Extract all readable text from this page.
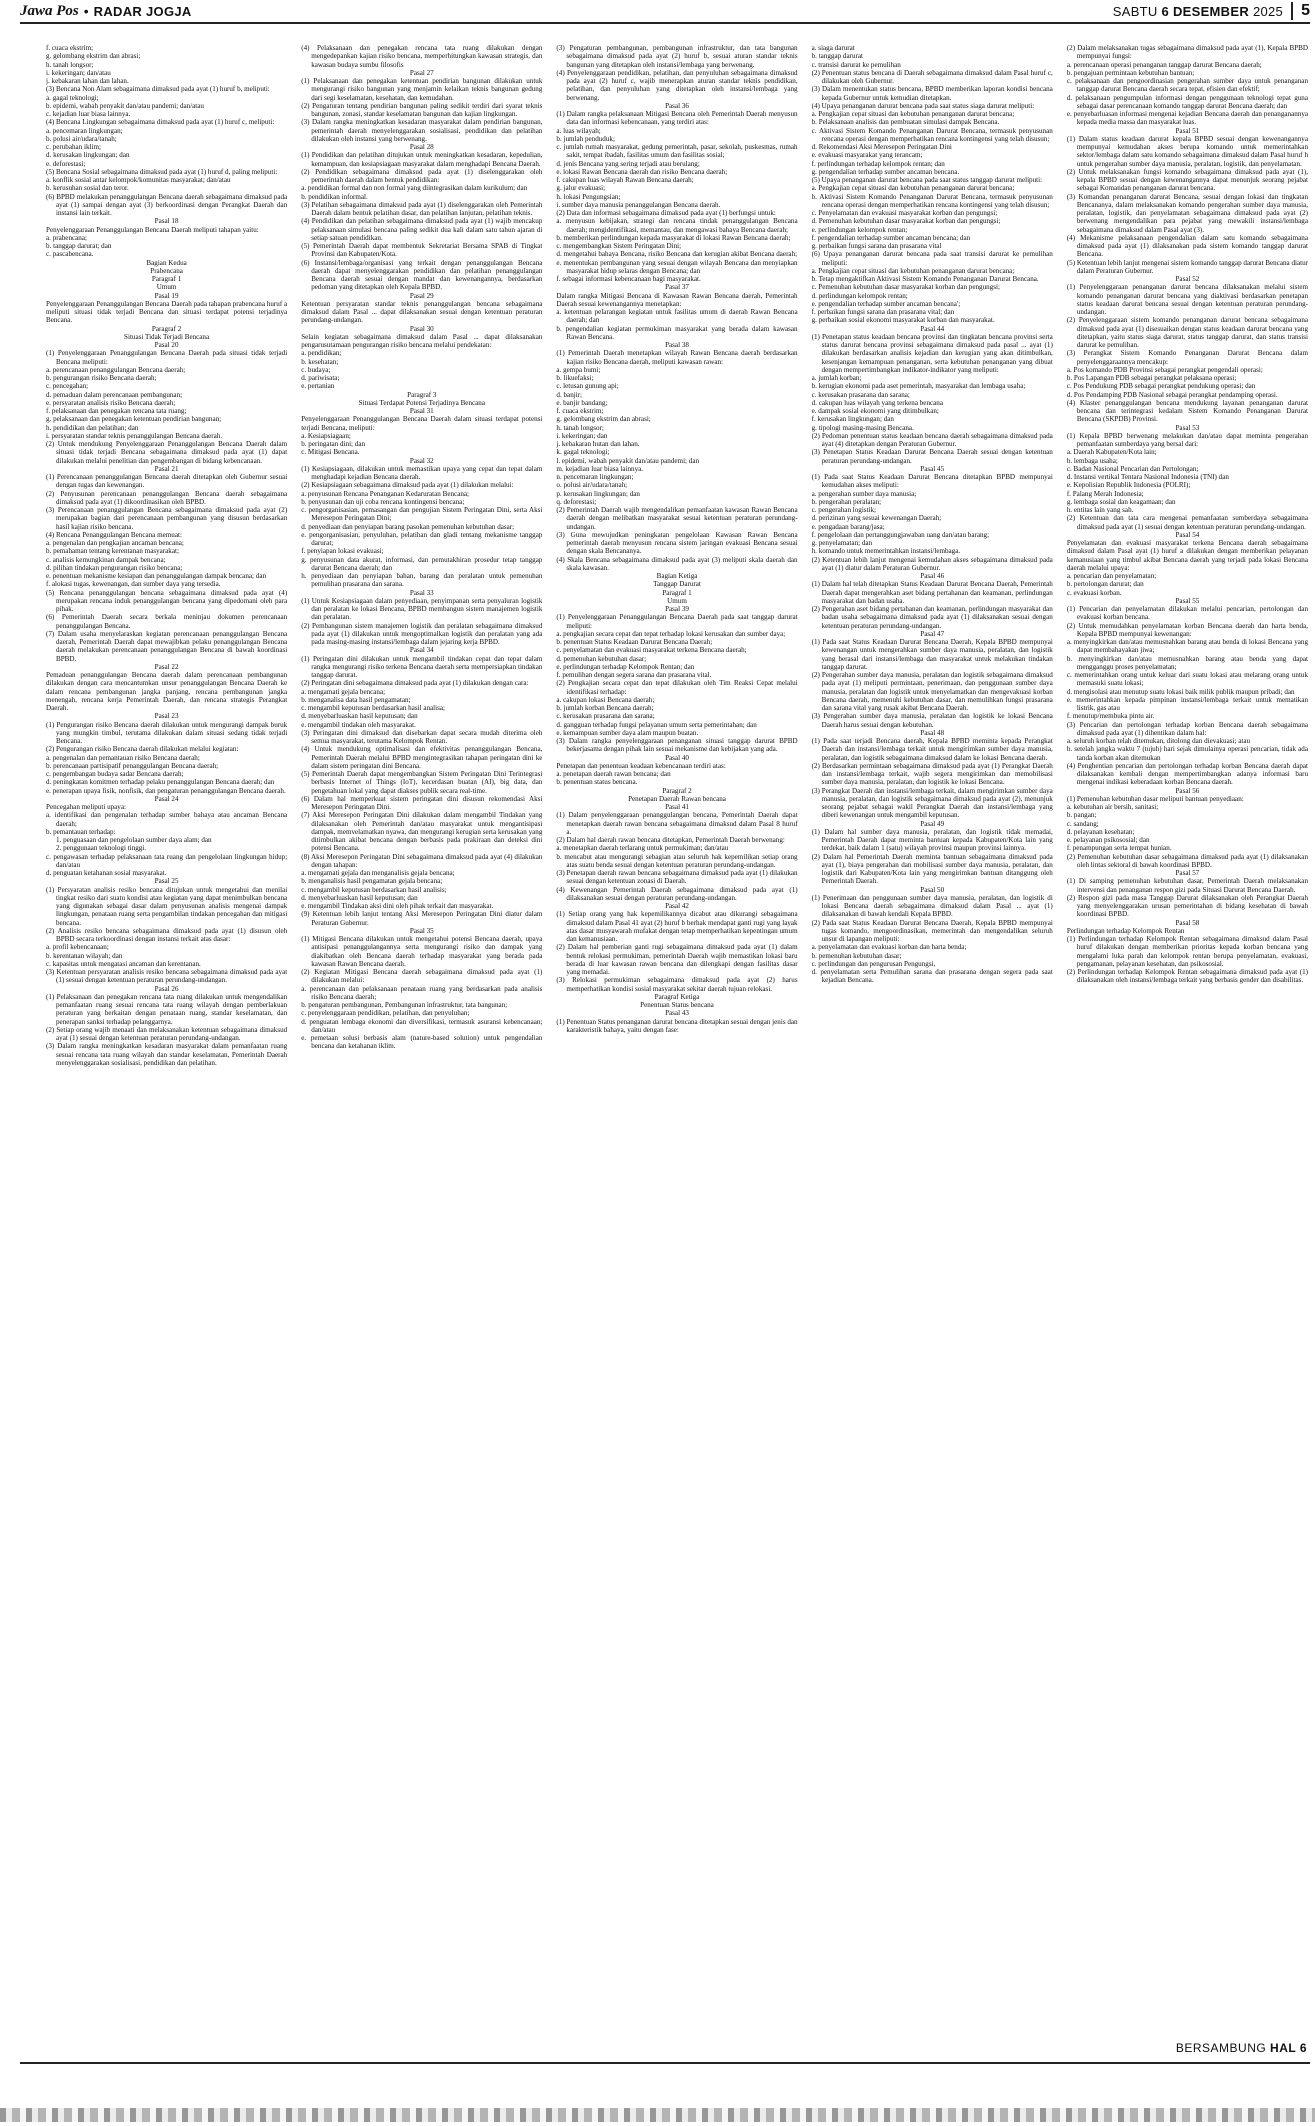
Jawa Pos • RADAR JOGJA	SABTU 6 DESEMBER 2025	5

f. cuaca ekstrim;

g. gelombang ekstrim dan abrasi;

h. tanah longsor;

i. kekeringan; dan/atau

j. kebakaran lahan dan lahan.

(3) Bencana Non Alam sebagaimana dimaksud pada ayat (1) huruf b, meliputi:

a. gagal teknologi;

b. epidemi, wabah penyakit dan/atau pandemi; dan/atau

c. kejadian luar biasa lainnya.

(4) Bencana Lingkungan sebagaimana dimaksud pada ayat (1) huruf c, meliputi:

a. pencemaran lingkungan;

b. polusi air/udara/tanah;

c. perubahan iklim;

d. kerusakan lingkungan; dan

e. deforestasi;

(5) Bencana Sosial sebagaimana dimaksud pada ayat (1) huruf d, paling meliputi:

a. konflik sosial antar kelompok/komunitas masyarakat; dan/atau

b. kerusuhan sosial dan teror.

(6) BPBD melakukan penanggulangan Bencana daerah sebagaimana dimaksud pada ayat (1) sampai dengan ayat (3) berkoordinasi dengan Perangkat Daerah dan instansi lain terkait.

Pasal 18

Penyelenggaraan Penanggulangan Bencana Daerah meliputi tahapan yaitu:

a. prabencana;

b. tanggap darurat; dan

c. pascabencana.

Bagian Kedua

Prabencana

Paragraf 1

Umum

Pasal 19

Penyelenggaraan Penanggulangan Bencana Daerah pada tahapan prabencana huruf a meliputi situasi tidak terjadi Bencana dan situasi terdapat potensi terjadinya Bencana.

Paragraf 2

Situasi Tidak Terjadi Bencana

Pasal 20

(1) Penyelenggaraan Penanggulangan Bencana Daerah pada situasi tidak terjadi Bencana meliputi:

a. perencanaan penanggulangan Bencana daerah;

b. pengurangan risiko Bencana daerah;

c. pencegahan;

d. pemaduan dalam perencanaan pembangunan;

e. persyaratan analisis risiko Bencana daerah;

f. pelaksanaan dan penegakan rencana tata ruang;

g. pelaksanaan dan penegakan ketentuan pendirian bangunan;

h. pendidikan dan pelatihan; dan

i. persyaratan standar teknis penanggulangan Bencana daerah.

(2) Untuk mendukung Penyelenggaraan Penanggulangan Bencana Daerah dalam situasi tidak terjadi Bencana sebagaimana dimaksud pada ayat (1) dapat dilakukan melalui penelitian dan pengembangan di bidang kebencanaan.

Pasal 21

(1) Perencanaan penanggulangan Bencana daerah ditetapkan oleh Gubernur sesuai dengan tugas dan kewenangan.

(2) Penyusunan perencanaan penanggulangan Bencana daerah sebagaimana dimaksud pada ayat (1) dikoordinasikan oleh BPBD.

(3) Perencanaan penanggulangan Bencana sebagaimana dimaksud pada ayat (2) merupakan bagian dari perencanaan pembangunan yang disusun berdasarkan hasil kajian risiko bencana.

(4) Rencana Penanggulangan Bencana memuat:

a. pengenalan dan pengkajian ancaman bencana;

b. pemahaman tentang kerentanan masyarakat;

c. analisis kemungkinan dampak bencana;

d. pilihan tindakan pengurangan risiko bencana;

e. penentuan mekanisme kesiapan dan penanggulangan dampak bencana; dan

f. alokasi tugas, kewenangan, dan sumber daya yang tersedia.

(5) Rencana penanggulangan bencana sebagaimana dimaksud pada ayat (4) merupakan rencana induk penanggulangan bencana yang dipedomani oleh para pihak.

(6) Pemerintah Daerah secara berkala meninjau dokumen perencanaan penanggulangan Bencana.

(7) Dalam usaha menyelaraskan kegiatan perencanaan penanggulangan Bencana daerah, Pemerintah Daerah dapat mewajibkan pelaku penanggulangan Bencana daerah melakukan perencanaan penanggulangan Bencana di bawah koordinasi BPBD.

Pasal 22

Pemaduan penanggulangan Bencana daerah dalam perencanaan pembangunan dilakukan dengan cara mencantumkan unsur penanggulangan Bencana Daerah ke dalam rencana pembangunan jangka panjang, rencana pembangunan jangka menengah, rencana kerja Pemerintah Daerah, dan rencana strategis Perangkat Daerah.

Pasal 23

(1) Pengurangan risiko Bencana daerah dilakukan untuk mengurangi dampak buruk yang mungkin timbul, terutama dilakukan dalam situasi sedang tidak terjadi Bencana.

(2) Pengurangan risiko Bencana daerah dilakukan melalui kegiatan:

a. pengenalan dan pemantauan risiko Bencana daerah;

b. perencanaan partisipatif penanggulangan Bencana daerah;

c. pengembangan budaya sadar Bencana daerah;

d. peningkatan komitmen terhadap pelaku penanggulangan Bencana daerah; dan

e. penerapan upaya fisik, nonfisik, dan pengaturan penanggulangan Bencana daerah.

Pasal 24

Pencegahan meliputi upaya:

a. identifikasi dan pengenalan terhadap sumber bahaya atau ancaman Bencana daerah;

b. pemantauan terhadap:

1. penguasaan dan pengelolaan sumber daya alam; dan

2. penggunaan teknologi tinggi.

c. pengawasan terhadap pelaksanaan tata ruang dan pengelolaan lingkungan hidup; dan/atau

d. penguatan ketahanan sosial masyarakat.

Pasal 25

(1) Persyaratan analisis resiko bencana ditujukan untuk mengetahui dan menilai tingkat resiko dari suatu kondisi atau kegiatan yang dapat menimbulkan bencana yang digunakan sebagai dasar dalam penyusunan analisis mengenai dampak lingkungan, penataan ruang serta pengambilan tindakan pencegahan dan mitigasi bencana.

(2) Analisis resiko bencana sebagaimana dimaksud pada ayat (1) disusun oleh BPBD secara terkoordinasi dengan instansi terkait atas dasar:

a. profil kebencanaan;

b. kerentanan wilayah; dan

c. kapasitas untuk mengatasi ancaman dan kerentanan.

(3) Ketentuan persyaratan analisis resiko bencana sebagaimana dimaksud pada ayat (1) sesuai dengan ketentuan peraturan perundang-undangan.

Pasal 26

(1) Pelaksanaan dan penegakan rencana tata ruang dilakukan untuk mengendalikan pemanfaatan ruang sesuai rencana tata ruang wilayah dengan pemberlakuan peraturan yang berkaitan dengan penataan ruang, standar keselamatan, dan penerapan sanksi terhadap pelanggarnya.

(2) Setiap orang wajib menaati dan melaksanakan ketentuan sebagaimana dimaksud ayat (1) sesuai dengan ketentuan peraturan perundang-undangan.

(3) Dalam rangka meningkatkan kesadaran masyarakat dalam pemanfaatan ruang sesuai rencana tata ruang wilayah dan standar keselamatan, Pemerintah Daerah menyelenggarakan sosialisasi, pendidikan dan pelatihan.

(4) Pelaksanaan dan penegakan rencana tata ruang dilakukan dengan mengedepankan kajian risiko bencana, memperhitungkan kawasan strategis, dan kawasan budaya sumbu filosofis

Pasal 27

(1) Pelaksanaan dan penegakan ketentuan pendirian bangunan dilakukan untuk mengurangi risiko bangunan yang menjamin kelaikan teknis bangunan gedung dari segi keselamatan, kesehatan, dan kemudahan.

(2) Pengaturan tentang pendirian bangunan paling sedikit terdiri dari syarat teknis bangunan, zonasi, standar keselamatan bangunan dan kajian lingkungan.

(3) Dalam rangka meningkatkan kesadaran masyarakat dalam pendirian bangunan, pemerintah daerah menyelenggarakan sosialisasi, pendidikan dan pelatihan dilakukan oleh instansi yang berwenang.

Pasal 28

(1) Pendidikan dan pelatihan ditujukan untuk meningkatkan kesadaran, kepedulian, kemampuan, dan kesiapsiagaan masyarakat dalam menghadapi Bencana Daerah.

(2) Pendidikan sebagaimana dimaksud pada ayat (1) diselenggarakan oleh pemerintah daerah dalam bentuk pendidikan:

a. pendidikan formal dan non formal yang diintegrasikan dalam kurikulum; dan

b. pendidikan informal.

(3) Pelatihan sebagaimana dimaksud pada ayat (1) diselenggarakan oleh Pemerintah Daerah dalam bentuk pelatihan dasar, dan pelatihan lanjutan, pelatihan teknis.

(4) Pendidikan dan pelatihan sebagaimana dimaksud pada ayat (1) wajib mencakup pelaksanaan simulasi bencana paling sedikit dua kali dalam satu tahun ajaran di setiap satuan pendidikan.

(5) Pemerintah Daerah dapat membentuk Sekretariat Bersama SPAB di Tingkat Provinsi dan Kabupaten/Kota.

(6) Instansi/lembaga/organisasi yang terkait dengan penanggulangan Bencana daerah dapat menyelenggarakan pendidikan dan pelatihan penanggulangan Bencana daerah sesuai dengan mandat dan kewenangannya, berdasarkan pedoman yang ditetapkan oleh Kepala BPBD.

Pasal 29

Ketentuan persyaratan standar teknis penanggulangan bencana sebagaimana dimaksud dalam Pasal ... dapat dilaksanakan sesuai dengan ketentuan peraturan perundang-undangan.

Pasal 30

Selain kegiatan sebagaimana dimaksud dalam Pasal ... dapat dilaksanakan pengarusutamaan pengurangan risiko bencana melalui pendekatan:

a. pendidikan;

b. kesehatan;

c. budaya;

d. pariwisata;

e. pertanian

Paragraf 3

Situasi Terdapat Potensi Terjadinya Bencana

Pasal 31

Penyelenggaraan Penanggulangan Bencana Daerah dalam situasi terdapat potensi terjadi Bencana, meliputi:

a. Kesiapsiagaan;

b. peringatan dini; dan

c. Mitigasi Bencana.

Pasal 32

(1) Kesiapsiagaan, dilakukan untuk memastikan upaya yang cepat dan tepat dalam menghadapi kejadian Bencana daerah.

(2) Kesiapsiagaan sebagaimana dimaksud pada ayat (1) dilakukan melalui:

a. penyusunan Rencana Penanganan Kedaruratan Bencana;

b. penyusunan dan uji coba rencana kontingensi bencana;

c. pengorganisasian, pemasangan dan pengujian Sistem Peringatan Dini, serta Aksi Meresepon Peringatan Dini;

d. penyediaan dan penyiapan barang pasokan pemenuhan kebutuhan dasar;

e. pengorganisasian, penyuluhan, pelatihan dan gladi tentang mekanisme tanggap darurat;

f. penyiapan lokasi evakuasi;

g. penyusunan data akurat, informasi, dan pemutakhiran prosedur tetap tanggap darurat Bencana daerah; dan

h. penyediaan dan penyiapan bahan, barang dan peralatan untuk pemenuhan pemulihan prasarana dan sarana.

Pasal 33

(1) Untuk Kesiapsiagaan dalam penyediaan, penyimpanan serta penyaluran logistik dan peralatan ke lokasi Bencana, BPBD membangun sistem manajemen logistik dan peralatan.

(2) Pembangunan sistem manajemen logistik dan peralatan sebagaimana dimaksud pada ayat (1) dilakukan untuk mengoptimalkan logistik dan peralatan yang ada pada masing-masing instansi/lembaga dalam jejaring kerja BPBD.

Pasal 34

(1) Peringatan dini dilakukan untuk mengambil tindakan cepat dan tepat dalam rangka mengurangi risiko terkena Bencana daerah serta mempersiapkan tindakan tanggap darurat.

(2) Peringatan dini sebagaimana dimaksud pada ayat (1) dilakukan dengan cara:

a. mengamati gejala bencana;

b. menganalisa data hasil pengamatan;

c. mengambil keputusan berdasarkan hasil analisa;

d. menyebarluaskan hasil keputusan; dan

e. mengambil tindakan oleh masyarakat.

(3) Peringatan dini dimaksud dan disebarkan dapat secara mudah diterima oleh semua masyarakat, terutama Kelompok Rentan.

(4) Untuk mendukung optimalisasi dan efektivitas penanggulangan Bencana, Pemerintah Daerah melalui BPBD mengintegrasikan tahapan peringatan dini ke dalam sistem peringatan dini Bencana.

(5) Pemerintah Daerah dapat mengembangkan Sistem Peringatan Dini Terintegrasi berbasis Internet of Things (IoT), kecerdasan buatan (AI), big data, dan pengetahuan lokal yang dapat diakses publik secara real-time.

(6) Dalam hal memperkuat sistem peringatan dini disusun rekomendasi Aksi Meresepon Peringatan Dini.

(7) Aksi Meresepon Peringatan Dini dilakukan dalam mengambil Tindakan yang dilaksanakan oleh Pemerintah dan/atau masyarakat untuk mengantisipasi dampak, memvelamatkan nyawa, dan mengurangi kerugian serta kerusakan yang ditimbulkan akibat bencana dengan berbasis pada prakiraan dan deteksi dini potensi Bencana.

(8) Aksi Meresepon Peringatan Dini sebagaimana dimaksud pada ayat (4) dilakukan dengan tahapan:

a. mengamati gejala dan menganalisis gejala bencana;

b. menganalisis hasil pengamatan gejala bencana;

c. mengambil keputusan berdasarkan hasil analisis;

d. menyebarluaskan hasil keputusan; dan

e. mengambil Tindakan aksi dini oleh pihak terkait dan masyarakat.

(9) Ketentuan lebih lanjut tentang Aksi Meresepon Peringatan Dini diatur dalam Peraturan Gubernur.

Pasal 35

(1) Mitigasi Bencana dilakukan untuk mengetahui potensi Bencana daerah, upaya antisipasi penanggulangannya serta mengurangi risiko dan dampak yang diakibatkan oleh Bencana daerah terhadap masyarakat yang berada pada kawasan Rawan Bencana daerah.

(2) Kegiatan Mitigasi Bencana daerah sebagaimana dimaksud pada ayat (1) dilakukan melalui:

a. perencanaan dan pelaksanaan penataan ruang yang berdasarkan pada analisis risiko Bencana daerah;

b. pengaturan pembangunan, Pembangunan infrastruktur, tata bangunan;

c. penyelenggaraan pendidikan, pelatihan, dan penyuluhan;

d. penguatan lembaga ekonomi dan diversifikasi, termasuk asuransi kebencanaan; dan/atau

e. pemetaan solusi berbasis alam (nature-based solution) untuk pengendalian bencana dan ketahanan iklim.

(3) Pengaturan pembangunan, pembangunan infrastruktur, dan tata bangunan sebagaimana dimaksud pada ayat (2) huruf b, sesuai aturan standar teknis bangunan yang ditetapkan oleh instansi/lembaga yang berwenang.

(4) Penyelenggaraan pendidikan, pelatihan, dan penyuluhan sebagaimana dimaksud pada ayat (2) huruf c, wajib menerapkan aturan standar teknis pendidikan, pelatihan, dan penyuluhan yang ditetapkan oleh instansi/lembaga yang berwenang.

Pasal 36

(1) Dalam rangka pelaksanaan Mitigasi Bencana oleh Pemerintah Daerah menyusun data dan informasi kebencanaan, yang terdiri atas:

a. luas wilayah;

b. jumlah penduduk;

c. jumlah rumah masyarakat, gedung pemerintah, pasar, sekolah, puskesmas, rumah sakit, tempat ibadah, fasilitas umum dan fasilitas sosial;

d. jenis Bencana yang sering terjadi atau berulang;

e. lokasi Rawan Bencana daerah dan risiko Bencana daerah;

f. cakupan luas wilayah Rawan Bencana daerah;

g. jalur evakuasi;

h. lokasi Pengungsian;

i. sumber daya manusia penanggulangan Bencana daerah.

(2) Data dan informasi sebagaimana dimaksud pada ayat (1) berfungsi untuk:

a. menyusun kebijakan, strategi dan rencana tindak penanggulangan Bencana daerah; mengidentifikasi, memantau, dan mengawasi bahaya Bencana daerah;

b. memberikan perlindungan kepada masyarakat di lokasi Rawan Bencana daerah;

c. mengembangkan Sistem Peringatan Dini;

d. mengetahui bahaya Bencana, risiko Bencana dan kerugian akibat Bencana daerah;

e. menentukan pembangunan yang sesuai dengan wilayah Bencana dan menyiapkan masyarakat hidup selaras dengan Bencana; dan

f. sebagai informasi kebencanaan bagi masyarakat.

Pasal 37

Dalam rangka Mitigasi Bencana di Kawasan Rawan Bencana daerah, Pemerintah Daerah sesuai kewenangannya menetapkan:

a. ketentuan pelarangan kegiatan untuk fasilitas umum di daerah Rawan Bencana daerah; dan

b. pengendalian kegiatan permukiman masyarakat yang berada dalam kawasan Rawan Bencana.

Pasal 38

(1) Pemerintah Daerah menetapkan wilayah Rawan Bencana daerah berdasarkan kajian risiko Bencana daerah, meliputi kawasan rawan:

a. gempa bumi;

b. likuefaksi;

c. letusan gunung api;

d. banjir;

e. banjir bandang;

f. cuaca ekstrim;

g. gelombang ekstrim dan abrasi;

h. tanah longsor;

i. kekeringan; dan

j. kebakaran hutan dan lahan.

k. gagal teknologi;

l. epidemi, wabah penyakit dan/atau pandemi; dan

m. kejadian luar biasa lainnya.

n. pencemaran lingkungan;

o. polusi air/udara/tanah;

p. kerusakan lingkungan; dan

q. deforestasi;

(2) Pemerintah Daerah wajib mengendalikan pemanfaatan kawasan Rawan Bencana daerah dengan melibatkan masyarakat sesuai ketentuan peraturan perundang-undangan.

(3) Guna mewujudkan peningkatan pengelolaan Kawasan Rawan Bencana pemerintah daerah menyusun rencana sistem jaringan evakuasi Bencana sesuai dengan skala Bencananya.

(4) Skala Bencana sebagaimana dimaksud pada ayat (3) meliputi skala daerah dan skala kawasan.

Bagian Ketiga

Tanggap Darurat

Paragraf 1

Umum

Pasal 39

(1) Penyelenggaraan Penanggulangan Bencana Daerah pada saat tanggap darurat meliputi:

a. pengkajian secara cepat dan tepat terhadap lokasi kerusakan dan sumber daya;

b. penentuan Status Keadaan Darurat Bencana Daerah;

c. penyelamatan dan evakuasi masyarakat terkena Bencana daerah;

d. pemenuhan kebutuhan dasar;

e. perlindungan terhadap Kelompok Rentan; dan

f. pemulihan dengan segera sarana dan prasarana vital.

(2) Pengkajian secara cepat dan tepat dilakukan oleh Tim Reaksi Cepat melalui identifikasi terhadap:

a. cakupan lokasi Bencana daerah;

b. jumlah korban Bencana daerah;

c. kerusakan prasarana dan sarana;

d. gangguan terhadap fungsi pelayanan umum serta pemerintahan; dan

e. kemampuan sumber daya alam maupun buatan.

(3) Dalam rangka penyelenggaraan penanganan situasi tanggap darurat BPBD bekerjasama dengan pihak lain sesuai mekanisme dan kebijakan yang ada.

Pasal 40

Penetapan dan penentuan keadaan kebencanaan terdiri atas:

a. penetapan daerah rawan bencana; dan

b. penentuan status bencana.

Paragraf 2

Penetapan Daerah Rawan bencana

Pasal 41

(1) Dalam penyelenggaraan penanggulangan bencana, Pemerintah Daerah dapat menetapkan daerah rawan bencana sebagaimana dimaksud dalam Pasal 8 huruf a.

(2) Dalam hal daerah rawan bencana ditetapkan, Pemerintah Daerah berwenang:

a. menetapkan daerah terlarang untuk permukiman; dan/atau

b. mencabut atau mengurangi sebagian atau seluruh hak kepemilikan setiap orang atas suatu benda sesuai dengan ketentuan peraturan perundang-undangan.

(3) Penetapan daerah rawan bencana sebagaimana dimaksud pada ayat (1) dilakukan sesuai dengan ketentuan zonasi di Daerah.

(4) Kewenangan Pemerintah Daerah sebagaimana dimaksud pada ayat (1) dilaksanakan sesuai dengan peraturan perundang-undangan.

Pasal 42

(1) Setiap orang yang hak kepemilikannya dicabut atau dikurangi sebagaimana dimaksud dalam Pasal 41 ayat (2) huruf b berhak mendapat ganti rugi yang layak atas dasar musyawarah mufakat dengan tetap memperhatikan kepentingan umum dan kemanusiaan.

(2) Dalam hal pemberian ganti rugi sebagaimana dimaksud pada ayat (1) dalam bentuk relokasi permukiman, pemerintah Daerah wajib memastikan lokasi baru berada di luar kawasan rawan bencana dan dilengkapi dengan fasilitas dasar yang memadai.

(3) Relokasi permukiman sebagaimana dimaksud pada ayat (2) harus memperhatikan kondisi sosial masyarakat sekitar daerah tujuan relokasi.

Paragraf Ketiga

Penentuan Status bencana

Pasal 43

(1) Penentuan Status penanganan darurat bencana ditetapkan sesuai dengan jenis dan karakteristik bahaya, yaitu dengan fase:

a. siaga darurat

b. tanggap darurat

c. transisi darurat ke pemulihan

(2) Penentuan status bencana di Daerah sebagaimana dimaksud dalam Pasal huruf c, dilakukan oleh Gubernur.

(3) Dalam menentukan status bencana, BPBD memberikan laporan kondisi bencana kepada Gubernur untuk kemudian ditetapkan.

(4) Upaya penanganan darurat bencana pada saat status siaga darurat meliputi:

a. Pengkajian cepat situasi dan kebutuhan penanganan darurat bencana;

b. Pelaksanaan analisis dan pembuatan simulasi dampak Bencana.

c. Aktivasi Sistem Komando Penanganan Darurat Bencana, termasuk penyusunan rencana operasi dengan memperhatikan rencana kontingensi yang telah disusun;

d. Rekomendasi Aksi Meresepon Peringatan Dini

e. evakuasi masyarakat yang terancam;

f. perlindungan terhadap kelompok rentan; dan

g. pengendalian terhadap sumber ancaman bencana.

(5) Upaya penanganan darurat bencana pada saat status tanggap darurat meliputi:

a. Pengkajian cepat situasi dan kebutuhan penanganan darurat bencana;

b. Aktivasi Sistem Komando Penanganan Darurat Bencana, termasuk penyusunan rencana operasi dengan memperhatikan rencana kontingensi yang telah disusun;

c. Penyelamatan dan evakuasi masyarakat korban dan pengungsi;

d. Pemenuhan kebutuhan dasar masyarakat korban dan pengungsi;

e. perlindungan kelompok rentan;

f. pengendalian terhadap sumber ancaman bencana; dan

g. perbaikan fungsi sarana dan prasarana vital

(6) Upaya penanganan darurat bencana pada saat transisi darurat ke pemulihan meliputi:

a. Pengkajian cepat situasi dan kebutuhan penanganan darurat bencana;

b. Tetap mengaktifkan Aktivasi Sistem Komando Penanganan Darurat Bencana.

c. Pemenuhan kebutuhan dasar masyarakat korban dan pengungsi;

d. perlindungan kelompok rentan;

e. pengendalian terhadap sumber ancaman bencana';

f. perbaikan fungsi sarana dan prasarana vital; dan

g. perbaikan sosial ekonomi masyarakat korban dan masyarakat.

Pasal 44

(1) Penetapan status keadaan bencana provinsi dan tingkatan bencana provinsi serta status darurat bencana provinsi sebagaimana dimaksud pada pasal ... ayat (1) dilakukan berdasarkan analisis kejadian dan kerugian yang akan ditimbulkan, kesenjangan kemampuan penanganan, serta kebutuhan penanganan yang dibuat dengan mempertimbangkan indikator-indikator yang meliputi:

a. jumlah korban;

b. kerugian ekonomi pada aset pemerintah, masyarakat dan lembaga usaha;

c. kerusakan prasarana dan sarana;

d. cakupan luas wilayah yang terkena bencana

e. dampak sosial ekonomi yang ditimbulkan;

f. kerusakan lingkungan; dan

g. tipologi masing-masing Bencana.

(2) Pedoman penentuan status keadaan bencana daerah sebagaimana dimaksud pada ayat (4) ditetapkan dengan Peraturan Gubernur.

(3) Penetapan Status Keadaan Darurat Bencana Daerah sesuai dengan ketentuan peraturan perundang-undangan.

Pasal 45

(1) Pada saat Status Keadaan Darurat Bencana ditetapkan BPBD mempunyai kemudahan akses meliputi:

a. pengerahan sumber daya manusia;

b. pengerahan peralatan;

c. pengerahan logistik;

d. perizinan yang sesuai kewenangan Daerah;

e. pengadaan barang/jasa;

f. pengelolaan dan pertanggungjawaban uang dan/atau barang;

g. penyelamatan; dan

h. komando untuk memerintahkan instansi/lembaga.

(2) Ketentuan lebih lanjut mengenai kemudahan akses sebagaimana dimaksud pada ayat (1) diatur dalam Peraturan Gubernur.

Pasal 46

(1) Dalam hal telah ditetapkan Status Keadaan Darurat Bencana Daerah, Pemerintah Daerah dapat mengerahkan aset bidang pertahanan dan keamanan, perlindungan masyarakat dan badan usaha.

(2) Pengerahan aset bidang pertahanan dan keamanan, perlindungan masyarakat dan badan usaha sebagaimana dimaksud pada ayat (1) dilaksanakan sesuai dengan ketentuan peraturan perundang-undangan.

Pasal 47

(1) Pada saat Status Keadaan Darurat Bencana Daerah, Kepala BPBD mempunyai kewenangan untuk mengerahkan sumber daya manusia, peralatan, dan logistik yang berasal dari instansi/lembaga dan masyarakat untuk melakukan tindakan tanggap darurat.

(2) Pengerahan sumber daya manusia, peralatan dan logistik sebagaimana dimaksud pada ayat (1) meliputi permintaan, penerimaan, dan penggunaan sumber daya manusia, peralatan dan logistik untuk menyelamatkan dan mengevakuasi korban Bencana daerah, memenuhi kebutuhan dasar, dan memulihkan fungsi prasarana dan sarana vital yang rusak akibat Bencana Daerah.

(3) Pengerahan sumber daya manusia, peralatan dan logistik ke lokasi Bencana Daerah harus sesuai dengan kebutuhan.

Pasal 48

(1) Pada saat terjadi Bencana daerah, Kepala BPBD meminta kepada Perangkat Daerah dan instansi/lembaga terkait untuk mengirimkan sumber daya manusia, peralatan, dan logistik sebagaimana dimaksud dalam ke lokasi Bencana daerah.

(2) Berdasarkan permintaan sebagaimana dimaksud pada ayat (1) Perangkat Daerah dan instansi/lembaga terkait, wajib segera mengirimkan dan memobilisasi sumber daya manusia, peralatan, dan logistik ke lokasi Bencana.

(3) Perangkat Daerah dan instansi/lembaga terkait, dalam mengirimkan sumber daya manusia, peralatan, dan logistik sebagaimana dimaksud pada ayat (2), menunjuk seorang pejabat sebagai wakil Perangkat Daerah dan instansi/lembaga yang diberi kewenangan untuk mengambil keputusan.

Pasal 49

(1) Dalam hal sumber daya manusia, peralatan, dan logistik tidak memadai, Pemerintah Daerah dapat meminta bantuan kepada Kabupaten/Kota lain yang terdekat, baik dalam 1 (satu) wilayah provinsi maupun provinsi lainnya.

(2) Dalam hal Pemerintah Daerah meminta bantuan sebagaimana dimaksud pada ayat (1), biaya pengerahan dan mobilisasi sumber daya manusia, peralatan, dan logistik dari Kabupaten/Kota lain yang mengirimkan bantuan ditanggung oleh Pemerintah Daerah.

Pasal 50

(1) Penerimaan dan penggunaan sumber daya manusia, peralatan, dan logistik di lokasi Bencana daerah sebagaimana dimaksud dalam Pasal ... ayat (1) dilaksanakan di bawah kendali Kepala BPBD.

(2) Pada saat Status Keadaan Darurat Bencana Daerah, Kepala BPBD mempunyai tugas komando, mengoordinasikan, memerintah dan mengendalikan seluruh unsur di lapangan meliputi:

a. penyelamatan dan evakuasi korban dan harta benda;

b. pemenuhan kebutuhan dasar;

c. perlindungan dan pengurusan Pengungsi,

d. penyelamatan serta Pemulihan sarana dan prasarana dengan segera pada saat kejadian Bencana.

(2) Dalam melaksanakan tugas sebagaimana dimaksud pada ayat (1), Kepala BPBD mempunyai fungsi:

a. perencanaan operasi penanganan tanggap darurat Bencana daerah;

b. pengajuan permintaan kebutuhan bantuan;

c. pelaksanaan dan pengoordinasian pengerahan sumber daya untuk penanganan tanggap darurat Bencana daerah secara tepat, efisien dan efektif;

d. pelaksanaan pengumpulan informasi dengan penggunaan teknologi tepat guna sebagai dasar perencanaan komando tanggap darurat Bencana daerah; dan

e. penyebarluasan informasi mengenai kejadian Bencana daerah dan penanganannya kepada media massa dan masyarakat luas.

Pasal 51

(1) Dalam status keadaan darurat kepala BPBD sesuai dengan kewenangannya mempunyai kemudahan akses berupa komando untuk memerintahkan sektor/lembaga dalam satu komando sebagaimana dimaksud dalam Pasal huruf h untuk pengerahan sumber daya manusia, peralatan, logistik, dan penyelamatan.

(2) Untuk melaksanakan fungsi komando sebagaimana dimaksud pada ayat (1), kepala BPBD sesuai dengan kewenangannya dapat menunjuk seorang pejabat sebagai Komandan penanganan darurat bencana.

(3) Komandan penanganan darurat Bencana, sesuai dengan lokasi dan tingkatan Bencananya, dalam melaksanakan komando pengerahan sumber daya manusia, peralatan, logistik, dan penyelamatan sebagaimana dimaksud pada ayat (2) berwenang mengendalikan para pejabat yang mewakili instansi/lembaga sebagaimana dimaksud dalam Pasal ayat (3).

(4) Mekanisme pelaksanaan pengendalian dalam satu komando sebagaimana dimaksud pada ayat (1) dilaksanakan pada sistem komando tanggap darurat Bencana.

(5) Ketentuan lebih lanjut mengenai sistem komando tanggap darurat Bencana diatur dalam Peraturan Gubernur.

Pasal 52

(1) Penyelenggaraan penanganan darurat bencana dilaksanakan melalui sistem komando penanganan darurat bencana yang diaktivasi berdasarkan penetapan status keadaan darurat bencana sesuai dengan ketentuan peraturan perundang-undangan.

(2) Penyelenggaraan sistem komando penanganan darurat bencana sebagaimana dimaksud pada ayat (1) disesuaikan dengan status keadaan darurat bencana yang ditetapkan, yaitu status siaga darurat, status tanggap darurat, dan status transisi darurat ke pemulihan.

(3) Perangkat Sistem Komando Penanganan Darurat Bencana dalam penyelenggaraannya mencakup:

a. Pos komando PDB Provinsi sebagai perangkat pengendali operasi;

b. Pos Lapangan PDB sebagai perangkat pelaksana operasi;

c. Pos Pendukung PDB sebagai perangkat pendukung operasi; dan

d. Pos Pendamping PDB Nasional sebagai perangkat pendamping operasi.

(4) Klaster penanggulangan bencana mendukung layanan penanganan darurat bencana dan terintegrasi kedalam Sistem Komando Penanganan Darurat Bencana (SKPDB) Provinsi.

Pasal 53

(1) Kepala BPBD berwenang melakukan dan/atau dapat meminta pengerahan pemanfaatan sumberdaya yang bersal dari:

a. Daerah Kabupaten/Kota lain;

b. lembaga usaha;

c. Badan Nasional Pencarian dan Pertolongan;

d. Instansi vertikal Tentara Nasional Indonesia (TNI) dan

e. Kepolisian Republik Indonesia (POLRI);

f. Palang Merah Indonesia;

g. lembaga sosial dan keagamaan; dan

h. entitas lain yang sah.

(2) Ketentuan dan tata cara mengenai pemanfaatan sumberdaya sebagaimana dimaksud pada ayat (1) sesuai dengan ketentuan peraturan perundang-undangan.

Pasal 54

Penyelamatan dan evakuasi masyarakat terkena Bencana daerah sebagaimana dimaksud dalam Pasal ayat (1) huruf a dilakukan dengan memberikan pelayanan kemanusiaan yang timbul akibat Bencana daerah yang terjadi pada lokasi Bencana daerah melalui upaya:

a. pencarian dan penyelamatan;

b. pertolongan darurat; dan

c. evakuasi korban.

Pasal 55

(1) Pencarian dan penyelamatan dilakukan melalui pencarian, pertolongan dan evakuasi korban bencana.

(2) Untuk memudahkan penyelamatan korban Bencana daerah dan harta benda, Kepala BPBD mempunyai kewenangan:

a. menyingkirkan dan/atau memusnahkan barang atau benda di lokasi Bencana yang dapat membahayakan jiwa;

b. menyingkirkan dan/atau memusnahkan barang atau benda yang dapat mengganggu proses penyelamatan;

c. memerintahkan orang untuk keluar dari suatu lokasi atau melarang orang untuk memasuki suatu lokasi;

d. mengisolasi atau menutup suatu lokasi baik milik publik maupun pribadi; dan

e. memerintahkan kepada pimpinan instansi/lembaga terkait untuk mematikan listrik, gas atau

f. menutup/membuka pintu air.

(3) Pencarian dan pertolongan terhadap korban Bencana daerah sebagaimana dimaksud pada ayat (1) dihentikan dalam hal:

a. seluruh korban telah ditemukan, ditolong dan dievakuasi; atau

b. setelah jangka waktu 7 (tujuh) hari sejak dimulainya operasi pencarian, tidak ada tanda korban akan ditemukan

(4) Penghentian pencarian dan pertolongan terhadap korban Bencana daerah dapat dilaksanakan kembali dengan mempertimbangkan adanya informasi baru mengenai indikasi keberadaan korban Bencana daerah.

Pasal 56

(1) Pemenuhan kebutuhan dasar meliputi bantuan penyediaan:

a. kebutuhan air bersih, sanitasi;

b. pangan;

c. sandang;

d. pelayanan kesehatan;

e. pelayanan psikososial; dan

f. penampungan serta tempat hunian.

(2) Pemenuhan kebutuhan dasar sebagaimana dimaksud pada ayat (1) dilaksanakan oleh lintas sektoral di bawah koordinasi BPBD.

Pasal 57

(1) Di samping pemenuhan kebutuhan dasar, Pemerintah Daerah melaksanakan intervensi dan penanganan respon gizi pada Situasi Darurat Bencana Daerah.

(2) Respon gizi pada masa Tanggap Darurat dilaksanakan oleh Perangkat Daerah yang menyelenggarakan urusan pemerintahan di bidang kesehatan di bawah koordinasi BPBD.

Pasal 58

Perlindungan terhadap Kelompok Rentan

(1) Perlindungan terhadap Kelompok Rentan sebagaimana dimaksud dalam Pasal huruf dilakukan dengan memberikan prioritas kepada korban bencana yang mengalami luka parah dan kelompok rentan berupa penyelamatan, evakuasi, pengamanan, pelayanan kesehatan, dan psikososial.

(2) Perlindungan terhadap Kelompok Rentan sebagaimana dimaksud pada ayat (1) dilaksanakan oleh instansi/lembaga terkait yang berbasis gender dan disabilitas.

BERSAMBUNG HAL 6
